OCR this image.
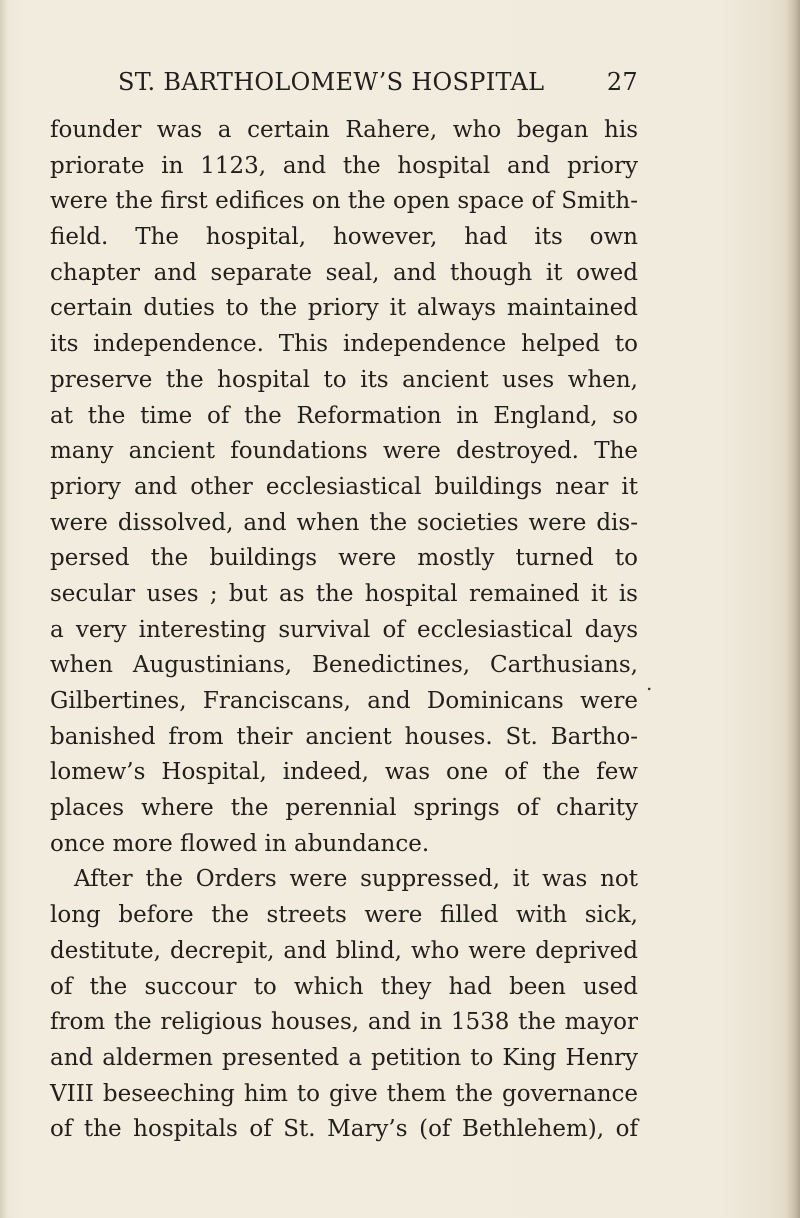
ST. BARTHOLOMEW’S HOSPITAL	27
founder was a certain Rahere, who began his
priorate in 1123, and the hospital and priory
were the first edifices on the open space of Smith-
field. The hospital, however, had its own
chapter and separate seal, and though it owed
certain duties to the priory it always maintained
its independence. This independence helped to
preserve the hospital to its ancient uses when,
at the time of the Reformation in England, so
many ancient foundations were destroyed. The
priory and other ecclesiastical buildings near it
were dissolved, and when the societies were dis-
persed the buildings were mostly turned to
secular uses ; but as the hospital remained it is
a very interesting survival of ecclesiastical days
when Augustinians, Benedictines, Carthusians,
Gilbertines, Franciscans, and Dominicans were
banished from their ancient houses. St. Bartho-
lomew’s Hospital, indeed, was one of the few
places where the perennial springs of charity
once more flowed in abundance.
After the Orders were suppressed, it was not
long before the streets were filled with sick,
destitute, decrepit, and blind, who were deprived
of the succour to which they had been used
from the religious houses, and in 1538 the mayor
and aldermen presented a petition to King Henry
VIII beseeching him to give them the governance
of the hospitals of St. Mary’s (of Bethlehem), of
.
